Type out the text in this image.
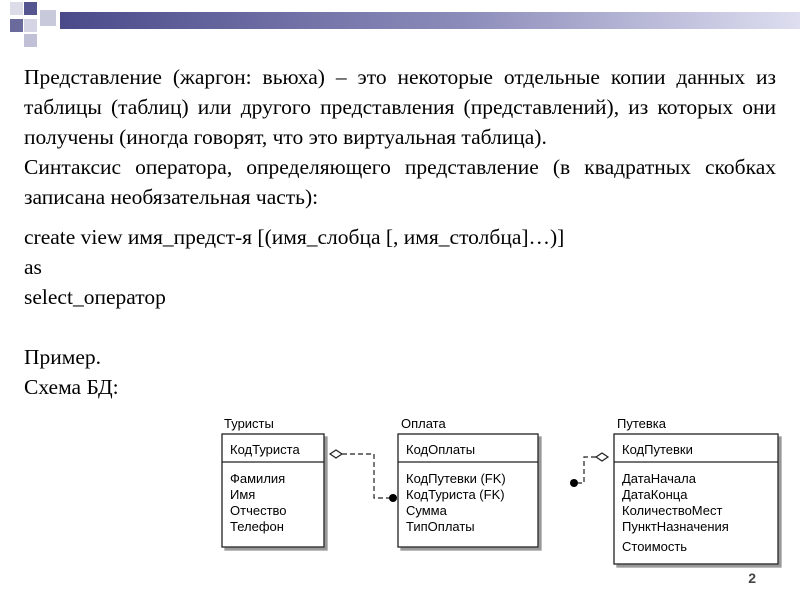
Представление (жаргон: вьюха) – это некоторые отдельные копии данных из таблицы (таблиц) или другого представления (представлений), из которых они получены (иногда говорят, что это виртуальная таблица).

Синтаксис оператора, определяющего представление (в квадратных скобках записана необязательная часть):

create view имя_предст-я [(имя_слобца [, имя_столбца]…)]

as

select_оператор

Пример.

Схема БД:

Туристы
КодТуриста
Фамилия
Имя
Отчество
Телефон
Оплата
КодОплаты
КодПутевки (FK)
КодТуриста (FK)
Сумма
ТипОплаты
Путевка
КодПутевки
ДатаНачала
ДатаКонца
КоличествоМест
ПунктНазначения
Стоимость
2
